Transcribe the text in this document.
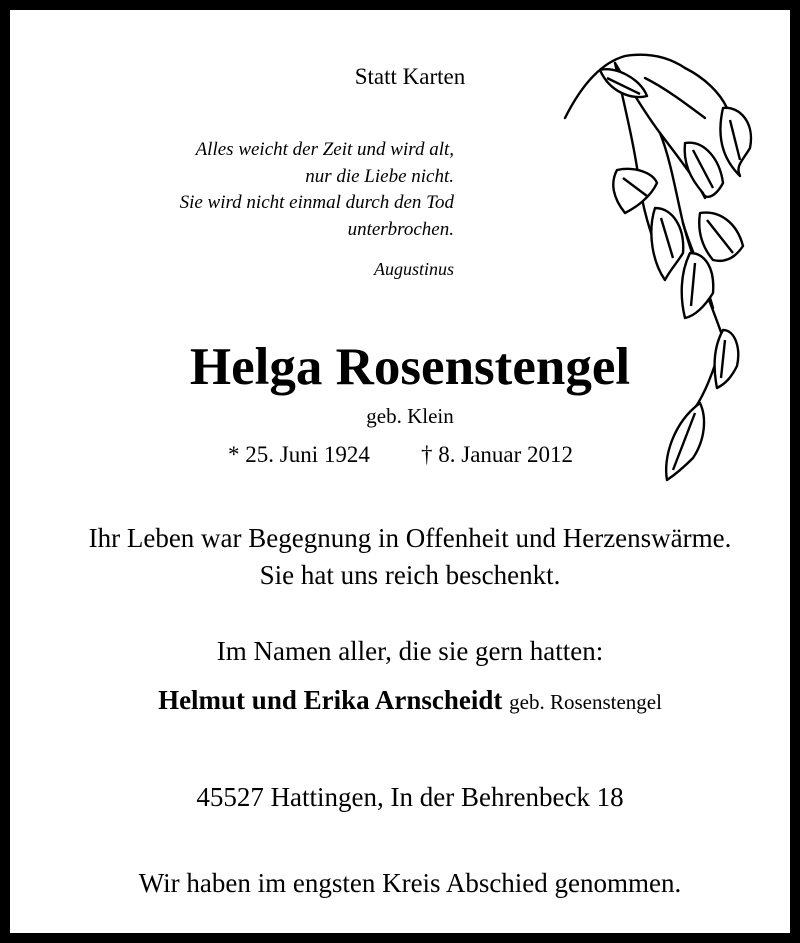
Statt Karten

Alles weicht der Zeit und wird alt,
nur die Liebe nicht.
Sie wird nicht einmal durch den Tod
unterbrochen.
Augustinus
Helga Rosenstengel
geb. Klein
* 25. Juni 1924 † 8. Januar 2012
Ihr Leben war Begegnung in Offenheit und Herzenswärme.
Sie hat uns reich beschenkt.
Im Namen aller, die sie gern hatten:
Helmut und Erika Arnscheidt geb. Rosenstengel
45527 Hattingen, In der Behrenbeck 18
Wir haben im engsten Kreis Abschied genommen.
